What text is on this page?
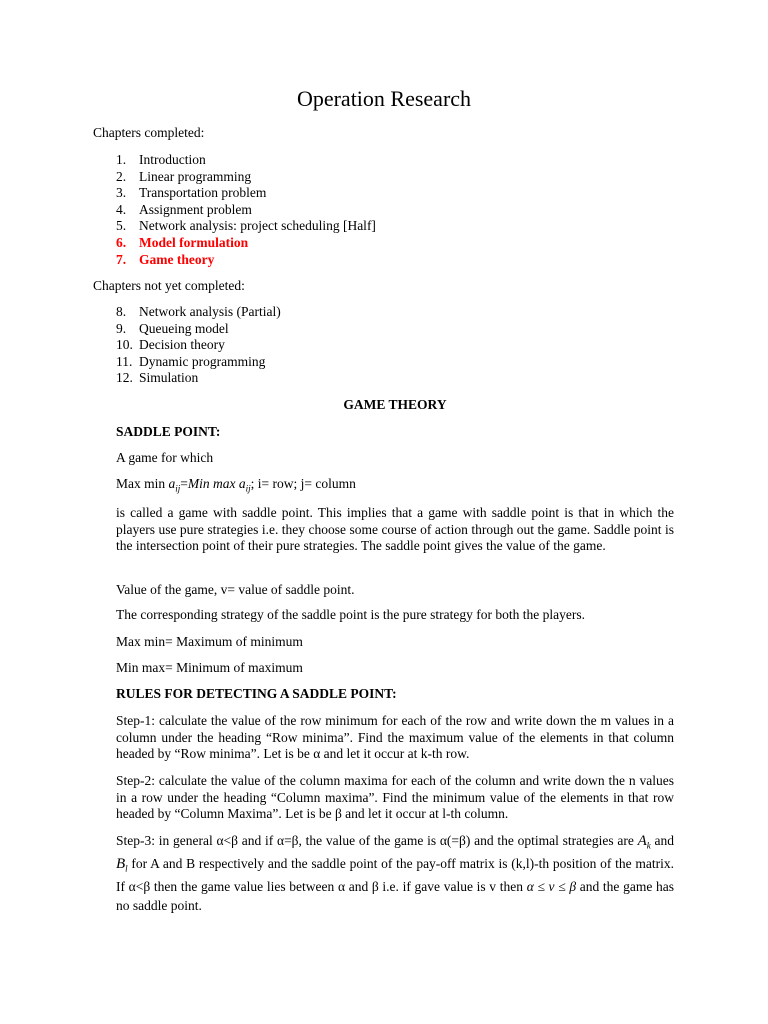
Operation Research
Chapters completed:
1. Introduction
2. Linear programming
3. Transportation problem
4. Assignment problem
5. Network analysis: project scheduling [Half]
6. Model formulation
7. Game theory
Chapters not yet completed:
8. Network analysis (Partial)
9. Queueing model
10. Decision theory
11. Dynamic programming
12. Simulation
GAME THEORY
SADDLE POINT:
A game for which
Max $\min a_{ij}=Min$ $\max a_{ij}$; i= row; j= column
is called a game with saddle point. This implies that a game with saddle point is that in which the players use pure strategies i.e. they choose some course of action through out the game. Saddle point is the intersection point of their pure strategies. The saddle point gives the value of the game.
Value of the game, v= value of saddle point.
The corresponding strategy of the saddle point is the pure strategy for both the players.
Max min= Maximum of minimum
Min max= Minimum of maximum
RULES FOR DETECTING A SADDLE POINT:
Step-1: calculate the value of the row minimum for each of the row and write down the m values in a column under the heading “Row minima”. Find the maximum value of the elements in that column headed by “Row minima”. Let is be α and let it occur at k-th row.
Step-2: calculate the value of the column maxima for each of the column and write down the n values in a row under the heading “Column maxima”. Find the minimum value of the elements in that row headed by “Column Maxima”. Let is be β and let it occur at l-th column.
Step-3: in general α<β and if α=β, the value of the game is α(=β) and the optimal strategies are $A_k$ and $B_l$ for A and B respectively and the saddle point of the pay-off matrix is (k,l)-th position of the matrix. If α<β then the game value lies between α and β i.e. if gave value is v then α ≤ v ≤ β and the game has no saddle point.
